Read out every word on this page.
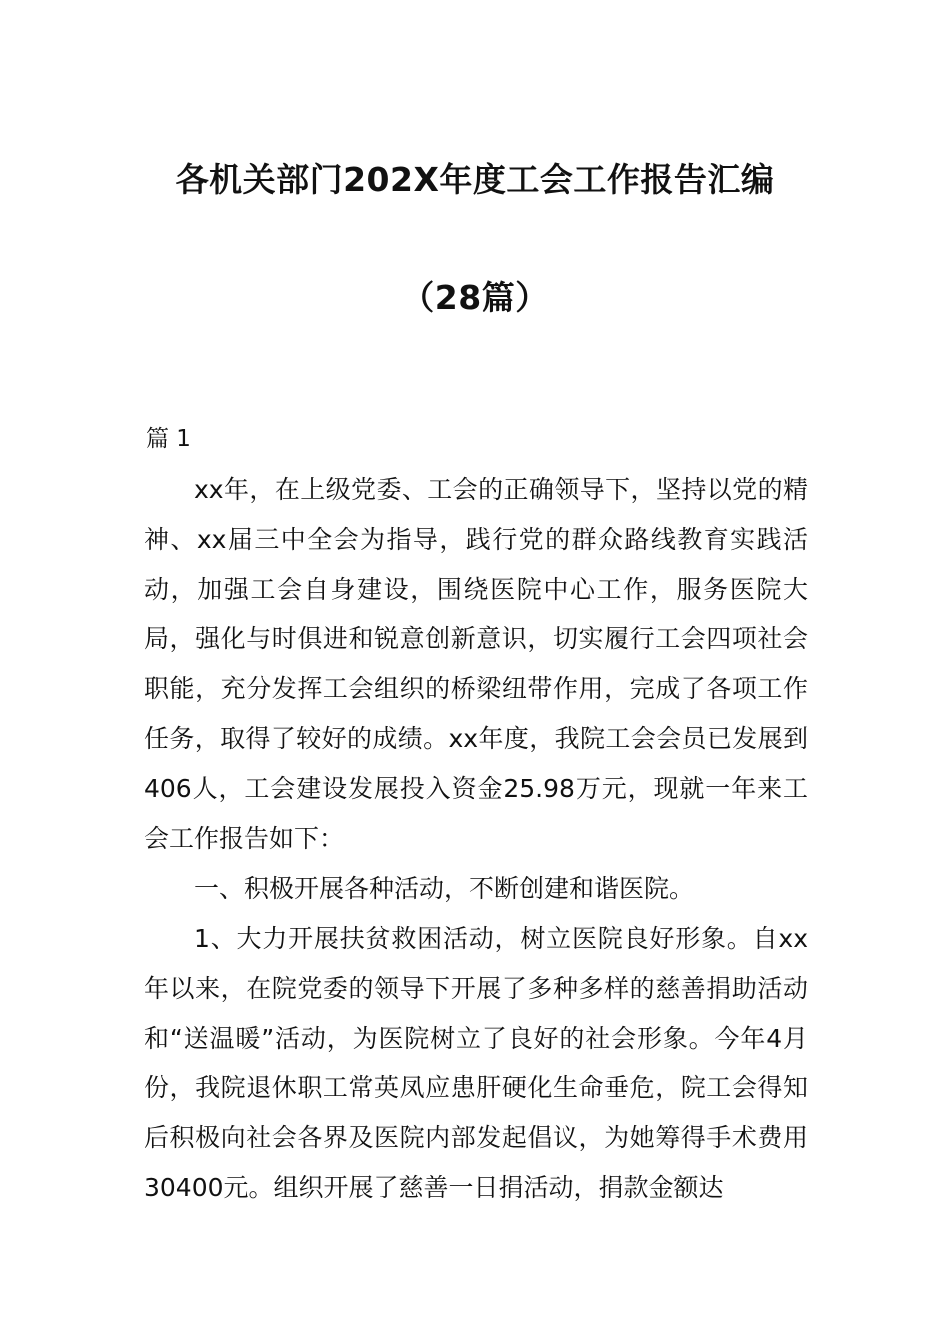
各机关部门202X年度工会工作报告汇编
（28篇）
篇 1

xx年，在上级党委、工会的正确领导下，坚持以党的精神、xx届三中全会为指导，践行党的群众路线教育实践活动，加强工会自身建设，围绕医院中心工作，服务医院大局，强化与时俱进和锐意创新意识，切实履行工会四项社会职能，充分发挥工会组织的桥梁纽带作用，完成了各项工作任务，取得了较好的成绩。xx年度，我院工会会员已发展到406人，工会建设发展投入资金25.98万元，现就一年来工会工作报告如下：

一、积极开展各种活动，不断创建和谐医院。

1、大力开展扶贫救困活动，树立医院良好形象。自xx年以来，在院党委的领导下开展了多种多样的慈善捐助活动和“送温暖”活动，为医院树立了良好的社会形象。今年4月份，我院退休职工常英凤应患肝硬化生命垂危，院工会得知后积极向社会各界及医院内部发起倡议，为她筹得手术费用30400元。组织开展了慈善一日捐活动，捐款金额达
